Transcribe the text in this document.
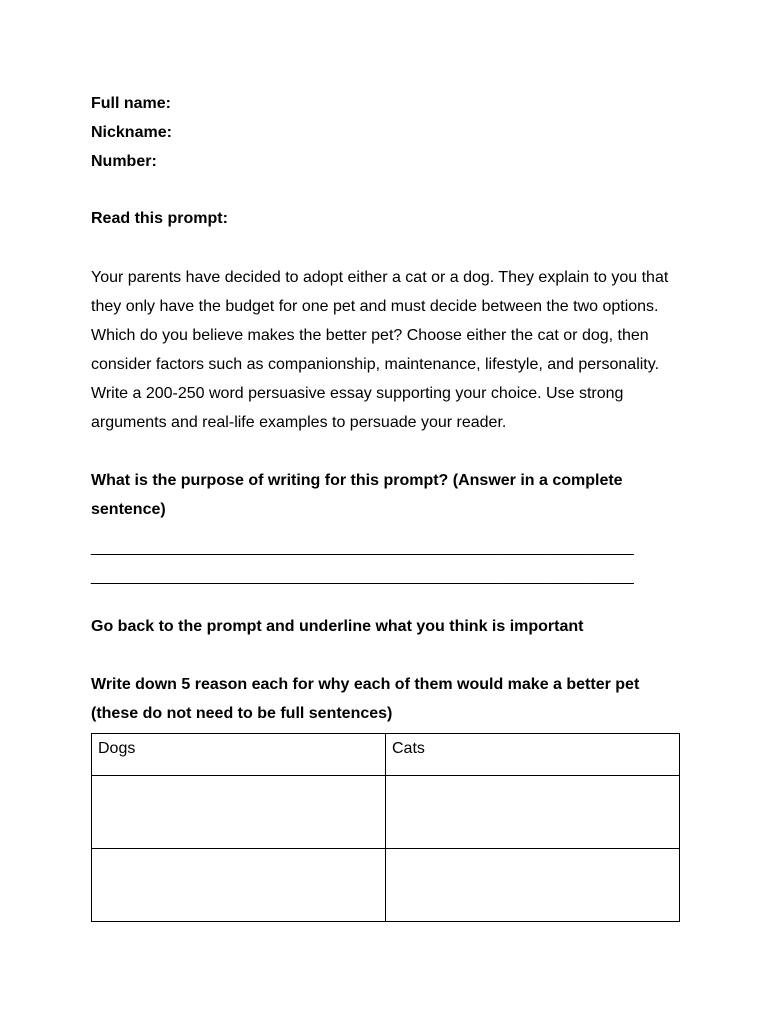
Full name:
Nickname:
Number:
Read this prompt:
Your parents have decided to adopt either a cat or a dog. They explain to you that they only have the budget for one pet and must decide between the two options. Which do you believe makes the better pet? Choose either the cat or dog, then consider factors such as companionship, maintenance, lifestyle, and personality. Write a 200-250 word persuasive essay supporting your choice. Use strong arguments and real-life examples to persuade your reader.
What is the purpose of writing for this prompt? (Answer in a complete sentence)
_____________________________________________________________
_____________________________________________________________
Go back to the prompt and underline what you think is important
Write down 5 reason each for why each of them would make a better pet (these do not need to be full sentences)
Dogs	Cats
